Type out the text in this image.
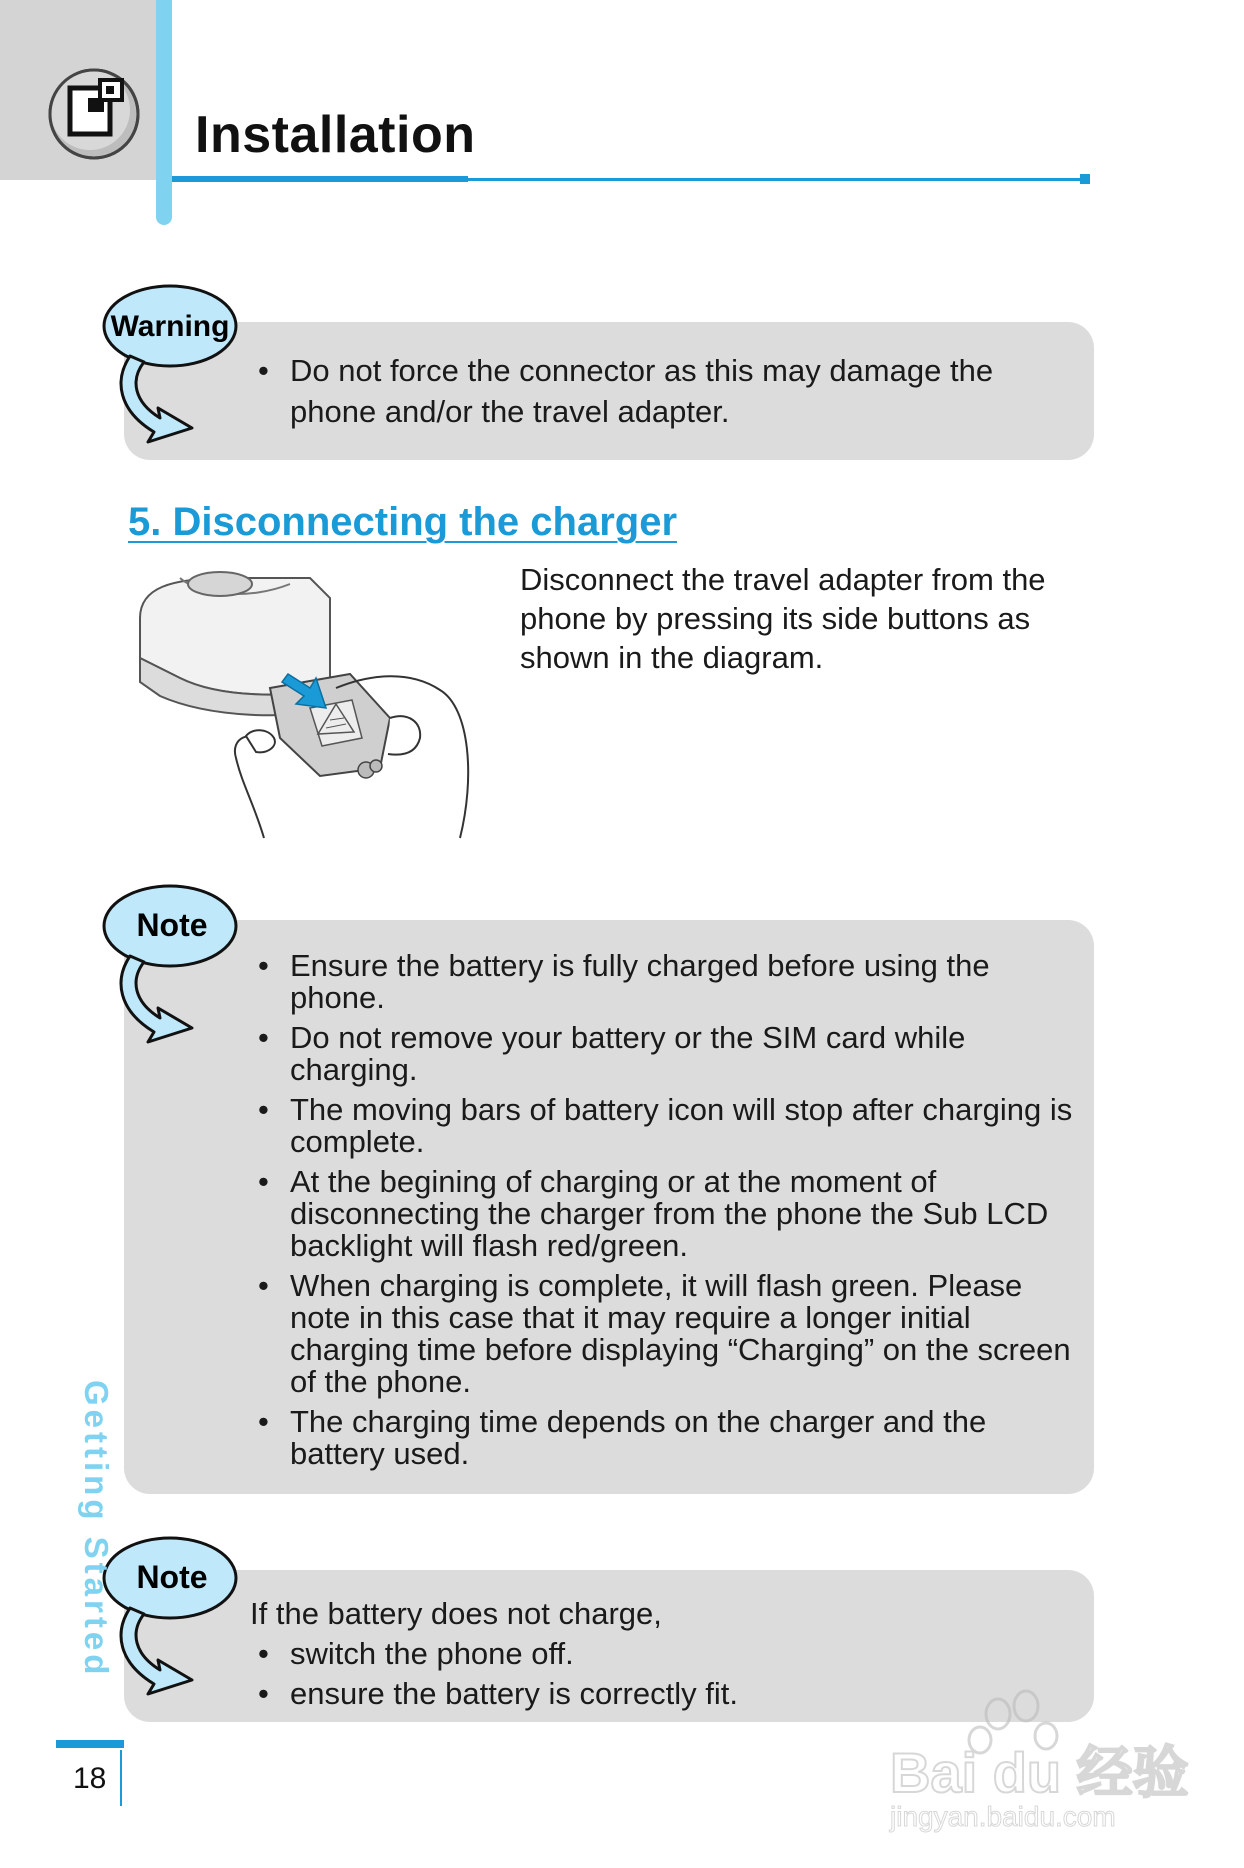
Installation
Warning
• Do not force the connector as this may damage the phone and/or the travel adapter.
5. Disconnecting the charger
Disconnect the travel adapter from the phone by pressing its side buttons as shown in the diagram.
Note
• Ensure the battery is fully charged before using the phone.
• Do not remove your battery or the SIM card while charging.
• The moving bars of battery icon will stop after charging is complete.
• At the begining of charging or at the moment of disconnecting the charger from the phone the Sub LCD backlight will flash red/green.
• When charging is complete, it will flash green. Please note in this case that it may require a longer initial charging time before displaying “Charging” on the screen of the phone.
• The charging time depends on the charger and the battery used.
Note
If the battery does not charge,
• switch the phone off.
• ensure the battery is correctly fit.
Getting Started
18	Bai du 经验
jingyan.baidu.com
